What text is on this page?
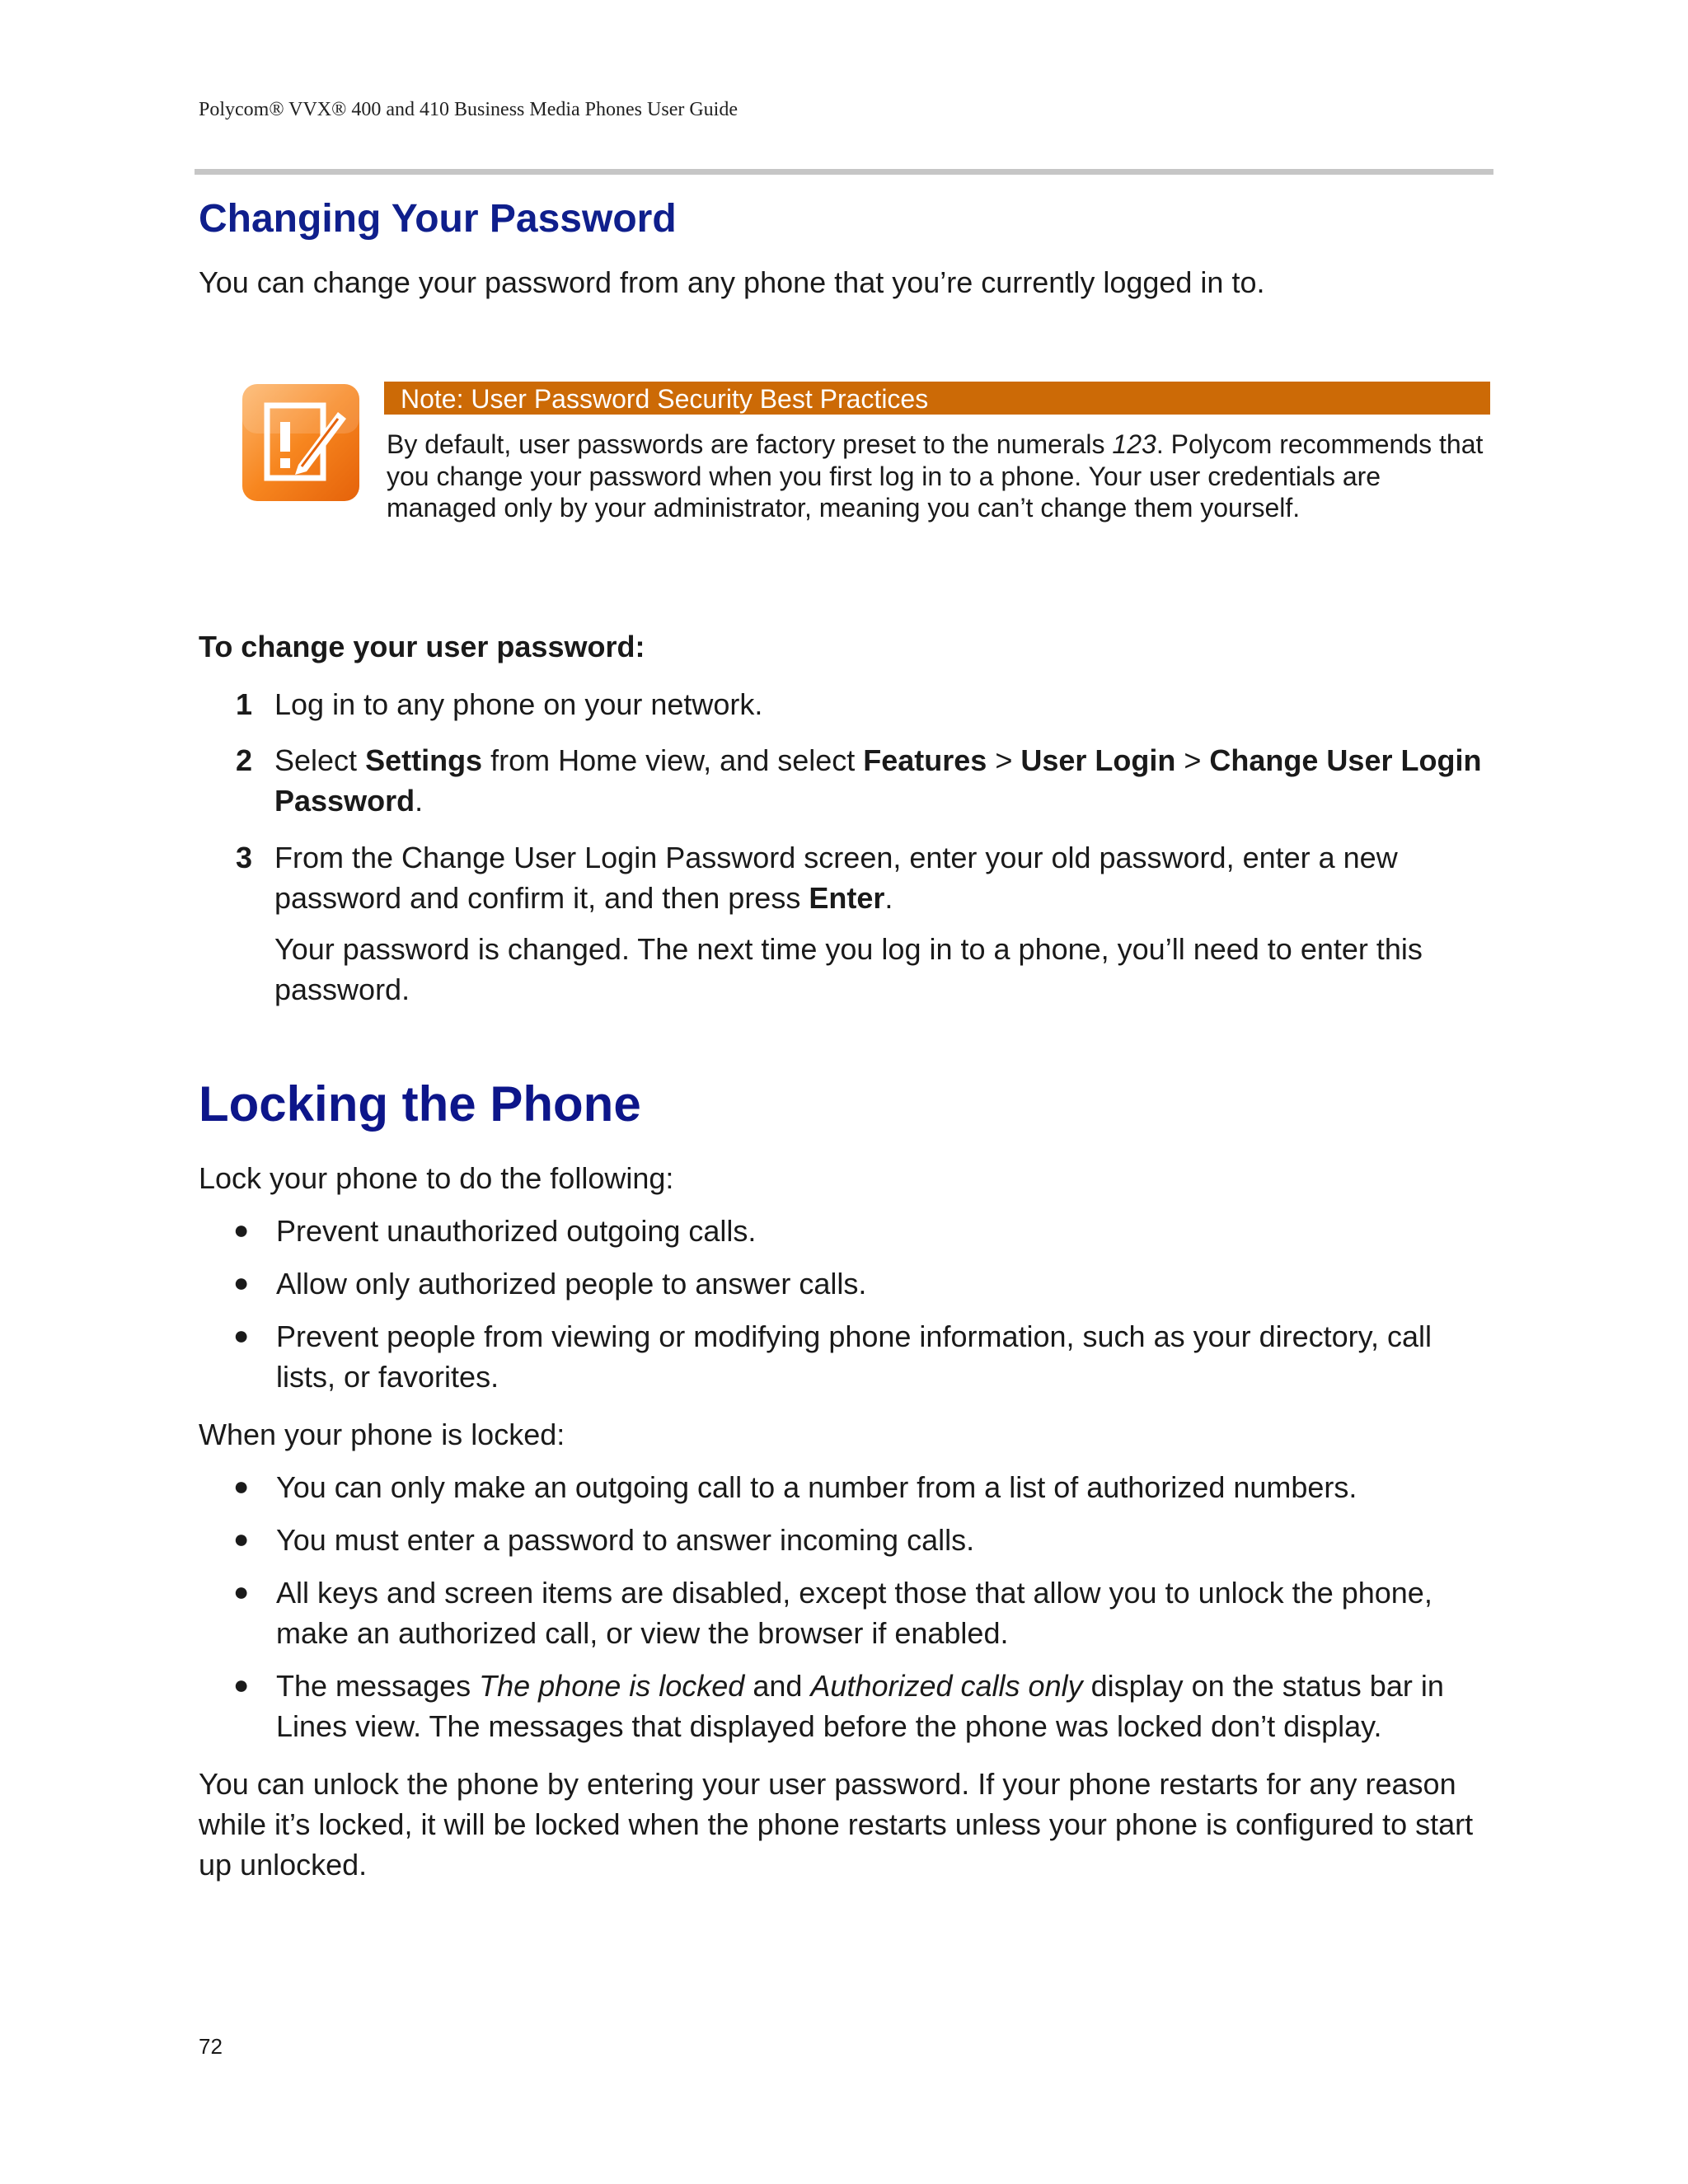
Polycom® VVX® 400 and 410 Business Media Phones User Guide
Changing Your Password

You can change your password from any phone that you’re currently logged in to.

Note: User Password Security Best Practices

By default, user passwords are factory preset to the numerals 123. Polycom recommends that you change your password when you first log in to a phone. Your user credentials are managed only by your administrator, meaning you can’t change them yourself.

To change your user password:

1 Log in to any phone on your network.

2 Select Settings from Home view, and select Features > User Login > Change User Login Password.

3 From the Change User Login Password screen, enter your old password, enter a new password and confirm it, and then press Enter.

Your password is changed. The next time you log in to a phone, you’ll need to enter this password.

Locking the Phone

Lock your phone to do the following:

● Prevent unauthorized outgoing calls.

● Allow only authorized people to answer calls.

● Prevent people from viewing or modifying phone information, such as your directory, call lists, or favorites.

When your phone is locked:

● You can only make an outgoing call to a number from a list of authorized numbers.

● You must enter a password to answer incoming calls.

● All keys and screen items are disabled, except those that allow you to unlock the phone, make an authorized call, or view the browser if enabled.

● The messages The phone is locked and Authorized calls only display on the status bar in Lines view. The messages that displayed before the phone was locked don’t display.

You can unlock the phone by entering your user password. If your phone restarts for any reason while it’s locked, it will be locked when the phone restarts unless your phone is configured to start up unlocked.

72
